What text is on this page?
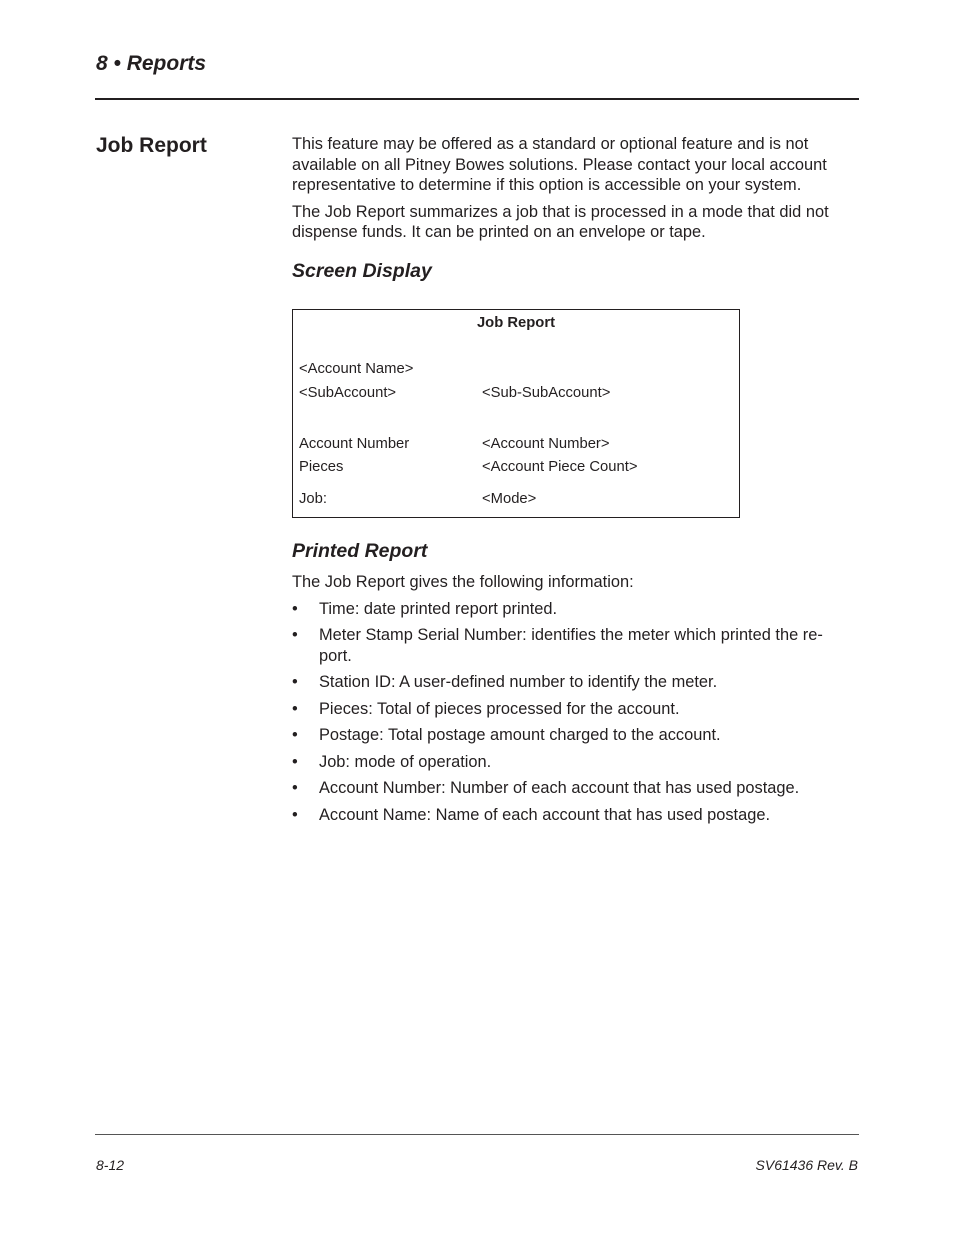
8 • Reports
Job Report	This feature may be offered as a standard or optional feature and is not available on all Pitney Bowes solutions. Please contact your local account representative to determine if this option is accessible on your system.

The Job Report summarizes a job that is processed in a mode that did not dispense funds. It can be printed on an envelope or tape.

Screen Display
Job Report
<Account Name>
<SubAccount>	<Sub-SubAccount>
Account Number	<Account Number>
Pieces	<Account Piece Count>
Job:	<Mode>
Printed Report

The Job Report gives the following information:

• Time: date printed report printed.
• Meter Stamp Serial Number: identifies the meter which printed the re-
port.
• Station ID: A user-defined number to identify the meter.
• Pieces: Total of pieces processed for the account.
• Postage: Total postage amount charged to the account.
• Job: mode of operation.
• Account Number: Number of each account that has used postage.
• Account Name: Name of each account that has used postage.
8-12	SV61436 Rev. B
